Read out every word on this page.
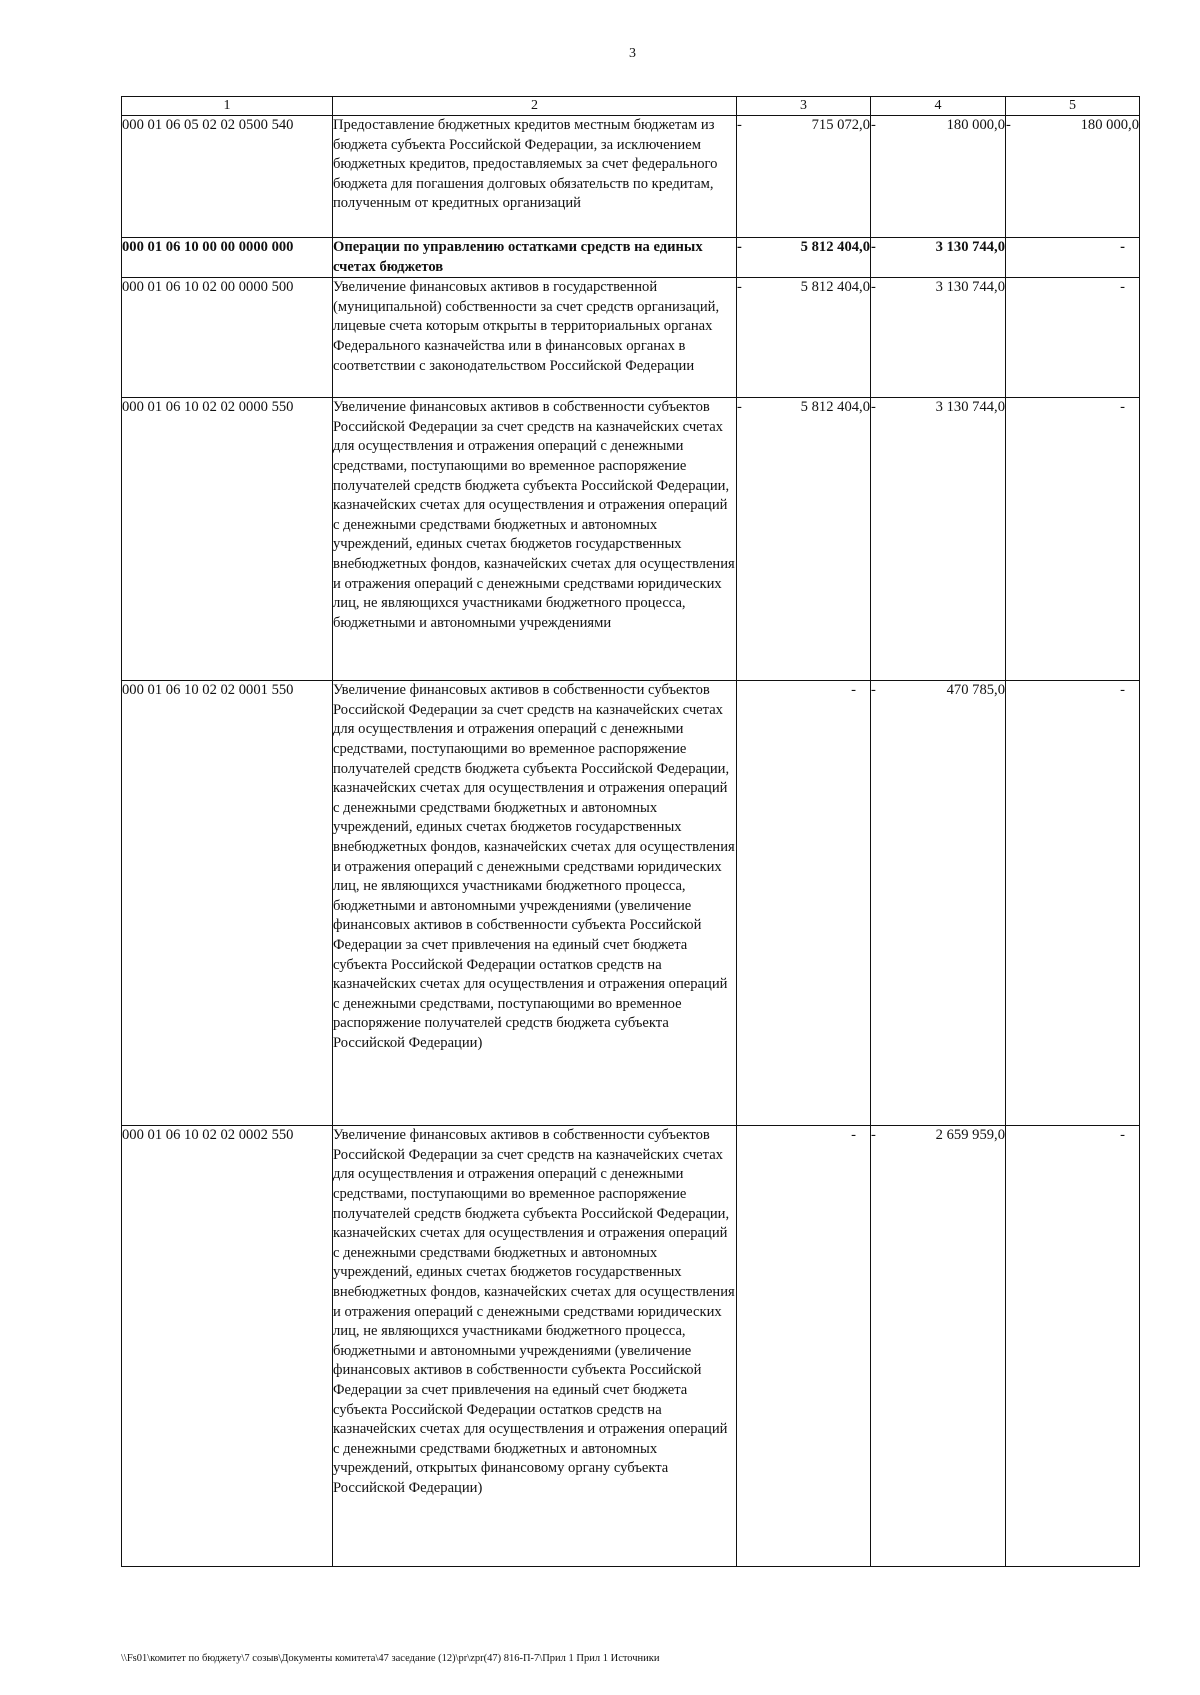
3
1	2	3	4	5
000 01 06 05 02 02 0500 540	Предоставление бюджетных кредитов местным бюджетам из бюджета субъекта Российской Федерации, за исключением бюджетных кредитов, предоставляемых за счет федерального бюджета для погашения долговых обязательств по кредитам, полученным от кредитных организаций	- 715 072,0	- 180 000,0	- 180 000,0

000 01 06 10 00 00 0000 000	Операции по управлению остатками средств на единых счетах бюджетов	- 5 812 404,0	- 3 130 744,0	-
000 01 06 10 02 00 0000 500	Увеличение финансовых активов в государственной (муниципальной) собственности за счет средств организаций, лицевые счета которым открыты в территориальных органах Федерального казначейства или в финансовых органах в соответствии с законодательством Российской Федерации	- 5 812 404,0	- 3 130 744,0	-
000 01 06 10 02 02 0000 550	Увеличение финансовых активов в собственности субъектов Российской Федерации за счет средств на казначейских счетах для осуществления и отражения операций с денежными средствами, поступающими во временное распоряжение получателей средств бюджета субъекта Российской Федерации, казначейских счетах для осуществления и отражения операций с денежными средствами бюджетных и автономных учреждений, единых счетах бюджетов государственных внебюджетных фондов, казначейских счетах для осуществления и отражения операций с денежными средствами юридических лиц, не являющихся участниками бюджетного процесса, бюджетными и автономными учреждениями	- 5 812 404,0	- 3 130 744,0	-
000 01 06 10 02 02 0001 550	Увеличение финансовых активов в собственности субъектов Российской Федерации за счет средств на казначейских счетах для осуществления и отражения операций с денежными средствами, поступающими во временное распоряжение получателей средств бюджета субъекта Российской Федерации, казначейских счетах для осуществления и отражения операций с денежными средствами бюджетных и автономных учреждений, единых счетах бюджетов государственных внебюджетных фондов, казначейских счетах для осуществления и отражения операций с денежными средствами юридических лиц, не являющихся участниками бюджетного процесса, бюджетными и автономными учреждениями (увеличение финансовых активов в собственности субъекта Российской Федерации за счет привлечения на единый счет бюджета субъекта Российской Федерации остатков средств на казначейских счетах для осуществления и отражения операций с денежными средствами, поступающими во временное распоряжение получателей средств бюджета субъекта Российской Федерации)	-	- 470 785,0	-
000 01 06 10 02 02 0002 550	Увеличение финансовых активов в собственности субъектов Российской Федерации за счет средств на казначейских счетах для осуществления и отражения операций с денежными средствами, поступающими во временное распоряжение получателей средств бюджета субъекта Российской Федерации, казначейских счетах для осуществления и отражения операций с денежными средствами бюджетных и автономных учреждений, единых счетах бюджетов государственных внебюджетных фондов, казначейских счетах для осуществления и отражения операций с денежными средствами юридических лиц, не являющихся участниками бюджетного процесса, бюджетными и автономными учреждениями (увеличение финансовых активов в собственности субъекта Российской Федерации за счет привлечения на единый счет бюджета субъекта Российской Федерации остатков средств на казначейских счетах для осуществления и отражения операций с денежными средствами бюджетных и автономных учреждений, открытых финансовому органу субъекта Российской Федерации)	-	- 2 659 959,0	-
\\Fs01\комитет по бюджету\7 созыв\Документы комитета\47 заседание (12)\pr\zpr(47) 816-П-7\Прил 1 Прил 1 Источники
